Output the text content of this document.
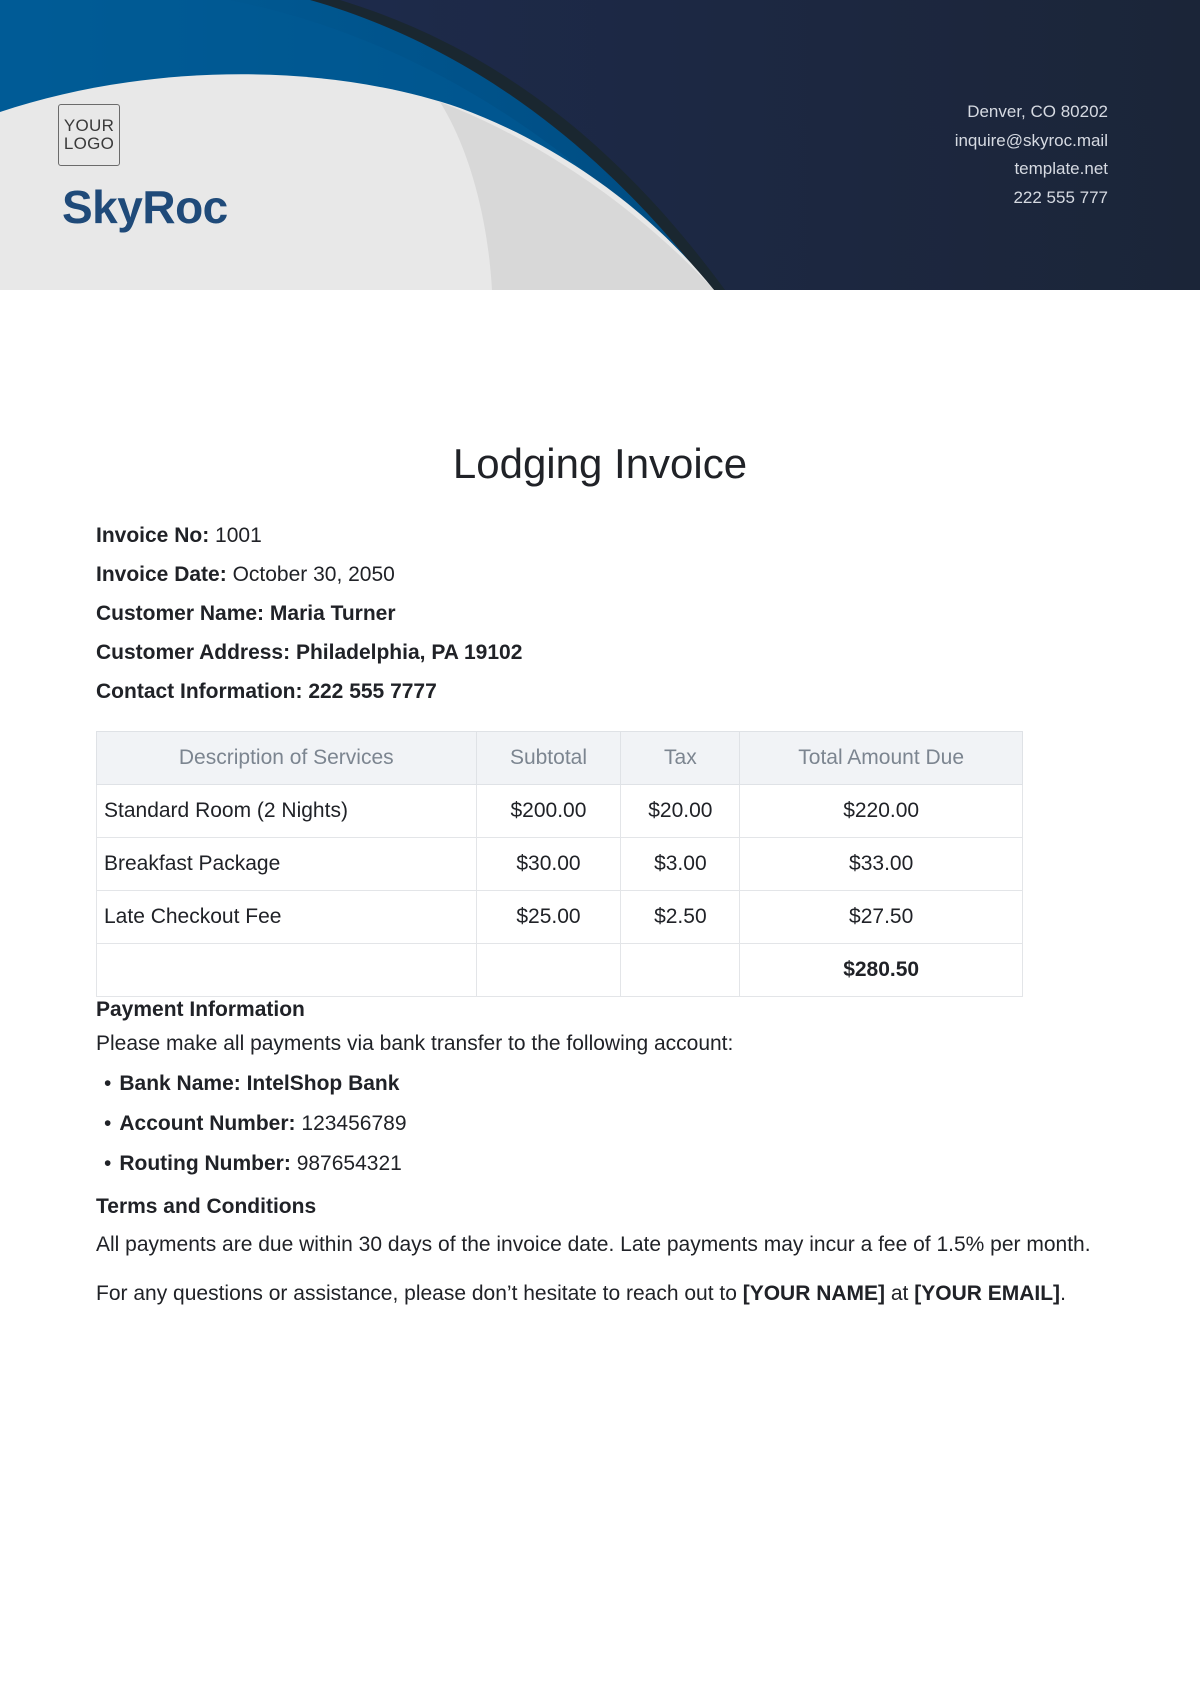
YOUR
LOGO
SkyRoc
Denver, CO 80202
inquire@skyroc.mail
template.net
222 555 777
Lodging Invoice
Invoice No: 1001
Invoice Date: October 30, 2050
Customer Name: Maria Turner
Customer Address: Philadelphia, PA 19102
Contact Information: 222 555 7777
Description of Services	Subtotal	Tax	Total Amount Due
Standard Room (2 Nights)	$200.00	$20.00	$220.00
Breakfast Package	$30.00	$3.00	$33.00
Late Checkout Fee	$25.00	$2.50	$27.50
			$280.50
Payment Information

Please make all payments via bank transfer to the following account:

• Bank Name: IntelShop Bank
• Account Number: 123456789
• Routing Number: 987654321
Terms and Conditions

All payments are due within 30 days of the invoice date. Late payments may incur a fee of 1.5% per month.

For any questions or assistance, please don’t hesitate to reach out to [YOUR NAME] at [YOUR EMAIL].
